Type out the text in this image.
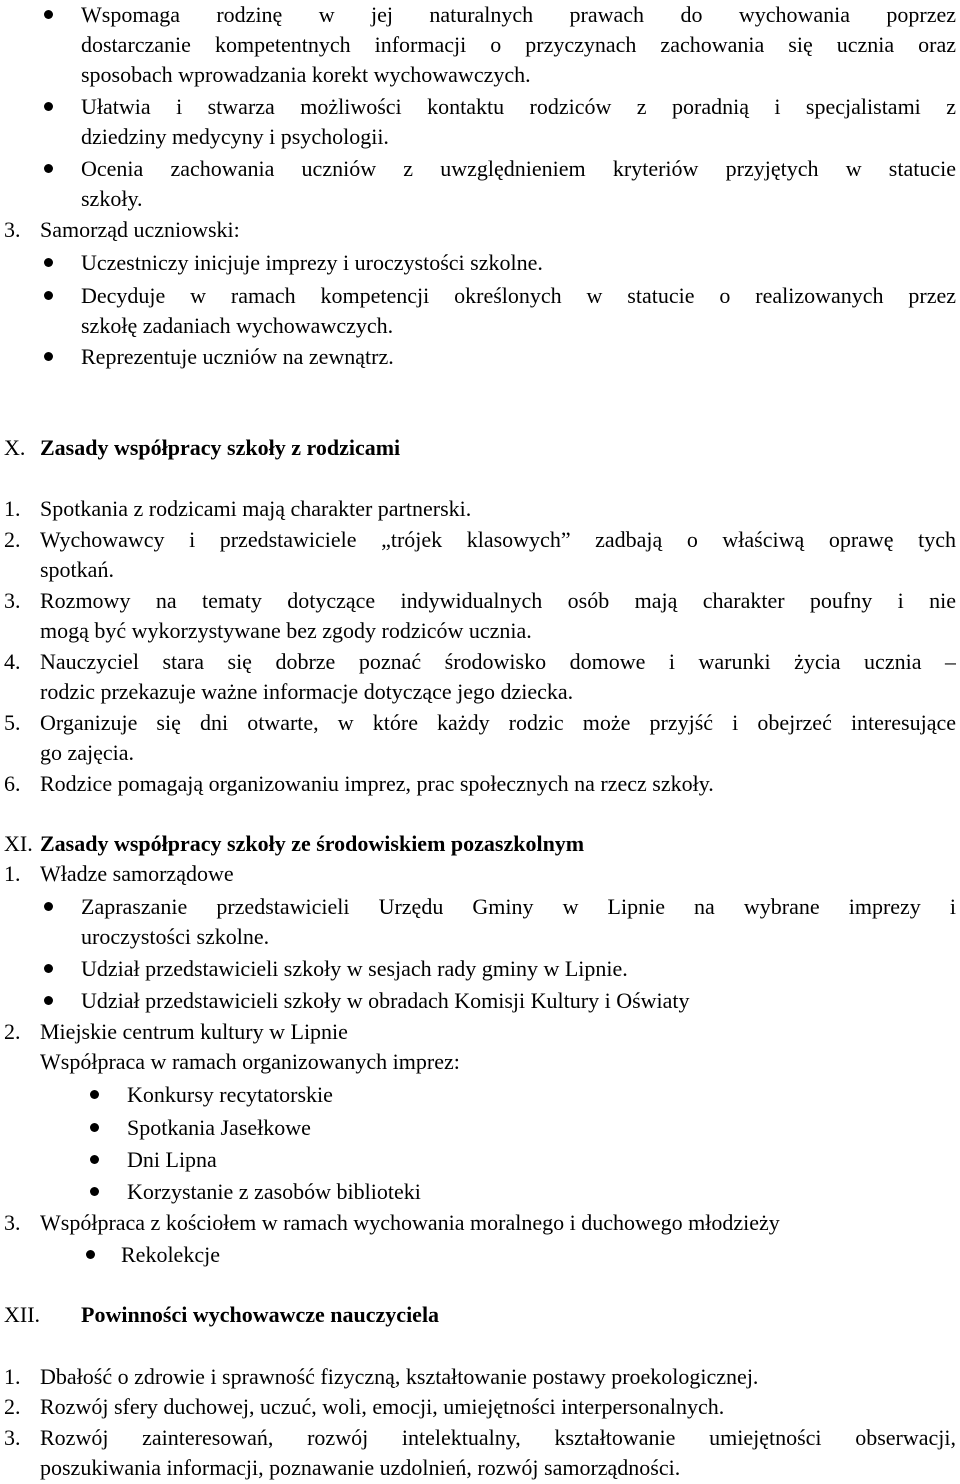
Wspomaga rodzinę w jej naturalnych prawach do wychowania poprzez
dostarczanie kompetentnych informacji o przyczynach zachowania się ucznia oraz
sposobach wprowadzania korekt wychowawczych.
Ułatwia i stwarza możliwości kontaktu rodziców z poradnią i specjalistami z
dziedziny medycyny i psychologii.
Ocenia zachowania uczniów z uwzględnieniem kryteriów przyjętych w statucie
szkoły.
3. Samorząd uczniowski:
Uczestniczy inicjuje imprezy i uroczystości szkolne.
Decyduje w ramach kompetencji określonych w statucie o realizowanych przez
szkołę zadaniach wychowawczych.
Reprezentuje uczniów na zewnątrz.
X. Zasady współpracy szkoły z rodzicami
1. Spotkania z rodzicami mają charakter partnerski.
2. Wychowawcy i przedstawiciele „trójek klasowych” zadbają o właściwą oprawę tych
spotkań.
3. Rozmowy na tematy dotyczące indywidualnych osób mają charakter poufny i nie
mogą być wykorzystywane bez zgody rodziców ucznia.
4. Nauczyciel stara się dobrze poznać środowisko domowe i warunki życia ucznia –
rodzic przekazuje ważne informacje dotyczące jego dziecka.
5. Organizuje się dni otwarte, w które każdy rodzic może przyjść i obejrzeć interesujące
go zajęcia.
6. Rodzice pomagają organizowaniu imprez, prac społecznych na rzecz szkoły.
XI. Zasady współpracy szkoły ze środowiskiem pozaszkolnym
1. Władze samorządowe
Zapraszanie przedstawicieli Urzędu Gminy w Lipnie na wybrane imprezy i
uroczystości szkolne.
Udział przedstawicieli szkoły w sesjach rady gminy w Lipnie.
Udział przedstawicieli szkoły w obradach Komisji Kultury i Oświaty
2. Miejskie centrum kultury w Lipnie
Współpraca w ramach organizowanych imprez:
Konkursy recytatorskie
Spotkania Jasełkowe
Dni Lipna
Korzystanie z zasobów biblioteki
3. Współpraca z kościołem w ramach wychowania moralnego i duchowego młodzieży
Rekolekcje
XII. Powinności wychowawcze nauczyciela
1. Dbałość o zdrowie i sprawność fizyczną, kształtowanie postawy proekologicznej.
2. Rozwój sfery duchowej, uczuć, woli, emocji, umiejętności interpersonalnych.
3. Rozwój zainteresowań, rozwój intelektualny, kształtowanie umiejętności obserwacji,
poszukiwania informacji, poznawanie uzdolnień, rozwój samorządności.
